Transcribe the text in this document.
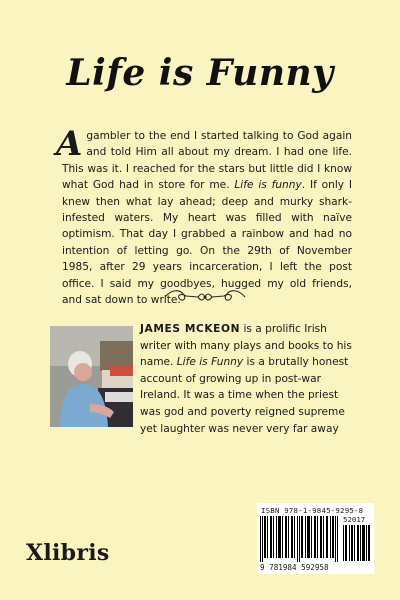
Life is Funny
Agambler to the end I started talking to God again and told Him all about my dream. I had one life. This was it. I reached for the stars but little did I know what God had in store for me. Life is funny. If only I knew then what lay ahead; deep and murky shark-infested waters. My heart was filled with naïve optimism. That day I grabbed a rainbow and had no intention of letting go. On the 29th of November 1985, after 29 years incarceration, I left the post office. I said my goodbyes, hugged my old friends, and sat down to write.
JAMES MCKEON is a prolific Irish writer with many plays and books to his name. Life is Funny is a brutally honest account of growing up in post-war Ireland. It was a time when the priest was god and poverty reigned supreme yet laughter was never very far away
ISBN 978-1-9845-9295-8
52017
9 781984 592958
Xlibris
